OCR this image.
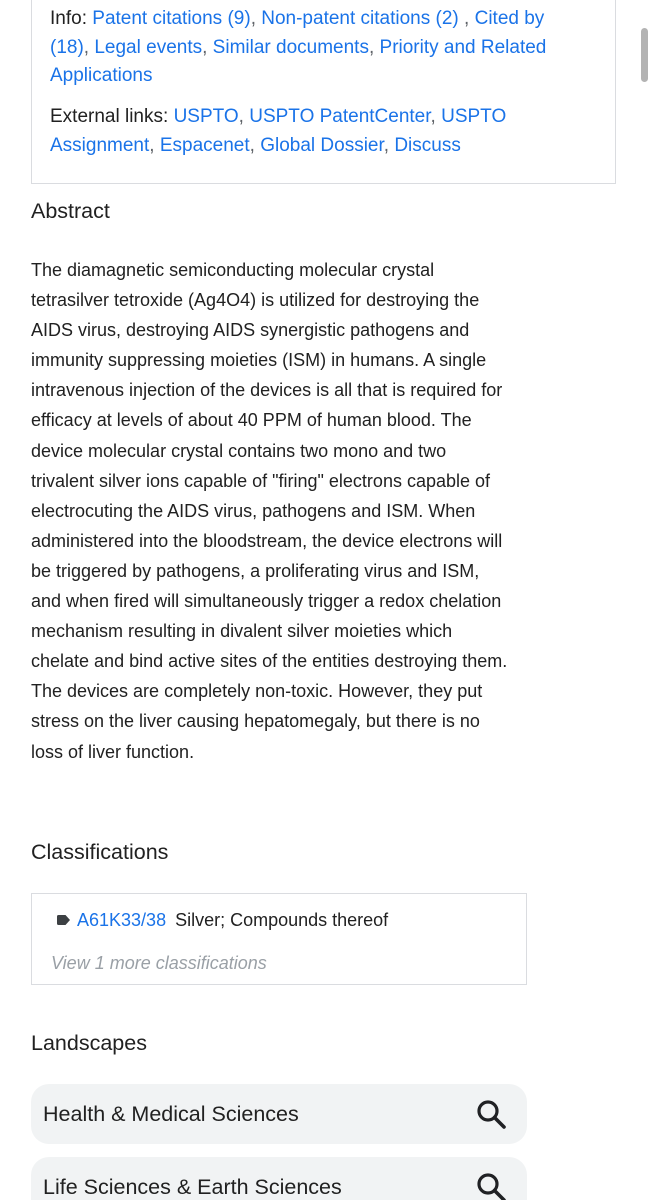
Info: Patent citations (9), Non-patent citations (2) , Cited by (18), Legal events, Similar documents, Priority and Related Applications
External links: USPTO, USPTO PatentCenter, USPTO Assignment, Espacenet, Global Dossier, Discuss
Abstract

The diamagnetic semiconducting molecular crystal tetrasilver tetroxide (Ag4O4) is utilized for destroying the AIDS virus, destroying AIDS synergistic pathogens and immunity suppressing moieties (ISM) in humans. A single intravenous injection of the devices is all that is required for efficacy at levels of about 40 PPM of human blood. The device molecular crystal contains two mono and two trivalent silver ions capable of "firing" electrons capable of electrocuting the AIDS virus, pathogens and ISM. When administered into the bloodstream, the device electrons will be triggered by pathogens, a proliferating virus and ISM, and when fired will simultaneously trigger a redox chelation mechanism resulting in divalent silver moieties which chelate and bind active sites of the entities destroying them. The devices are completely non-toxic. However, they put stress on the liver causing hepatomegaly, but there is no loss of liver function.

Classifications
A61K33/38 Silver; Compounds thereof
View 1 more classifications
Landscapes
Health & Medical Sciences
Life Sciences & Earth Sciences
